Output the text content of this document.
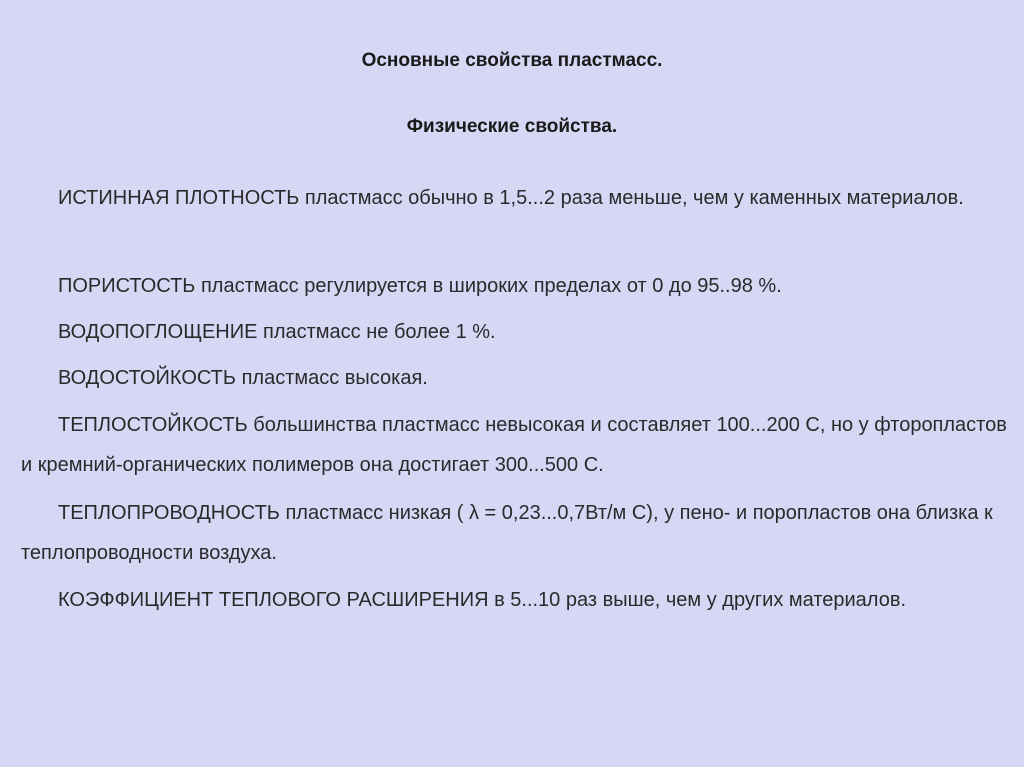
Основные свойства пластмасс.
Физические свойства.

ИСТИННАЯ ПЛОТНОСТЬ пластмасс обычно в 1,5...2 раза меньше, чем у каменных материалов.

ПОРИСТОСТЬ пластмасс регулируется в широких пределах от 0 до 95..98 %.

ВОДОПОГЛОЩЕНИЕ пластмасс не более 1 %.

ВОДОСТОЙКОСТЬ пластмасс высокая.

ТЕПЛОСТОЙКОСТЬ большинства пластмасс невысокая и составляет 100...200 С, но у фторопластов и кремний-органических полимеров она достигает 300...500 С.

ТЕПЛОПРОВОДНОСТЬ пластмасс низкая ( λ = 0,23...0,7Вт/м С), у пено- и поропластов она близка к теплопроводности воздуха.

КОЭФФИЦИЕНТ ТЕПЛОВОГО РАСШИРЕНИЯ в 5...10 раз выше, чем у других материалов.
